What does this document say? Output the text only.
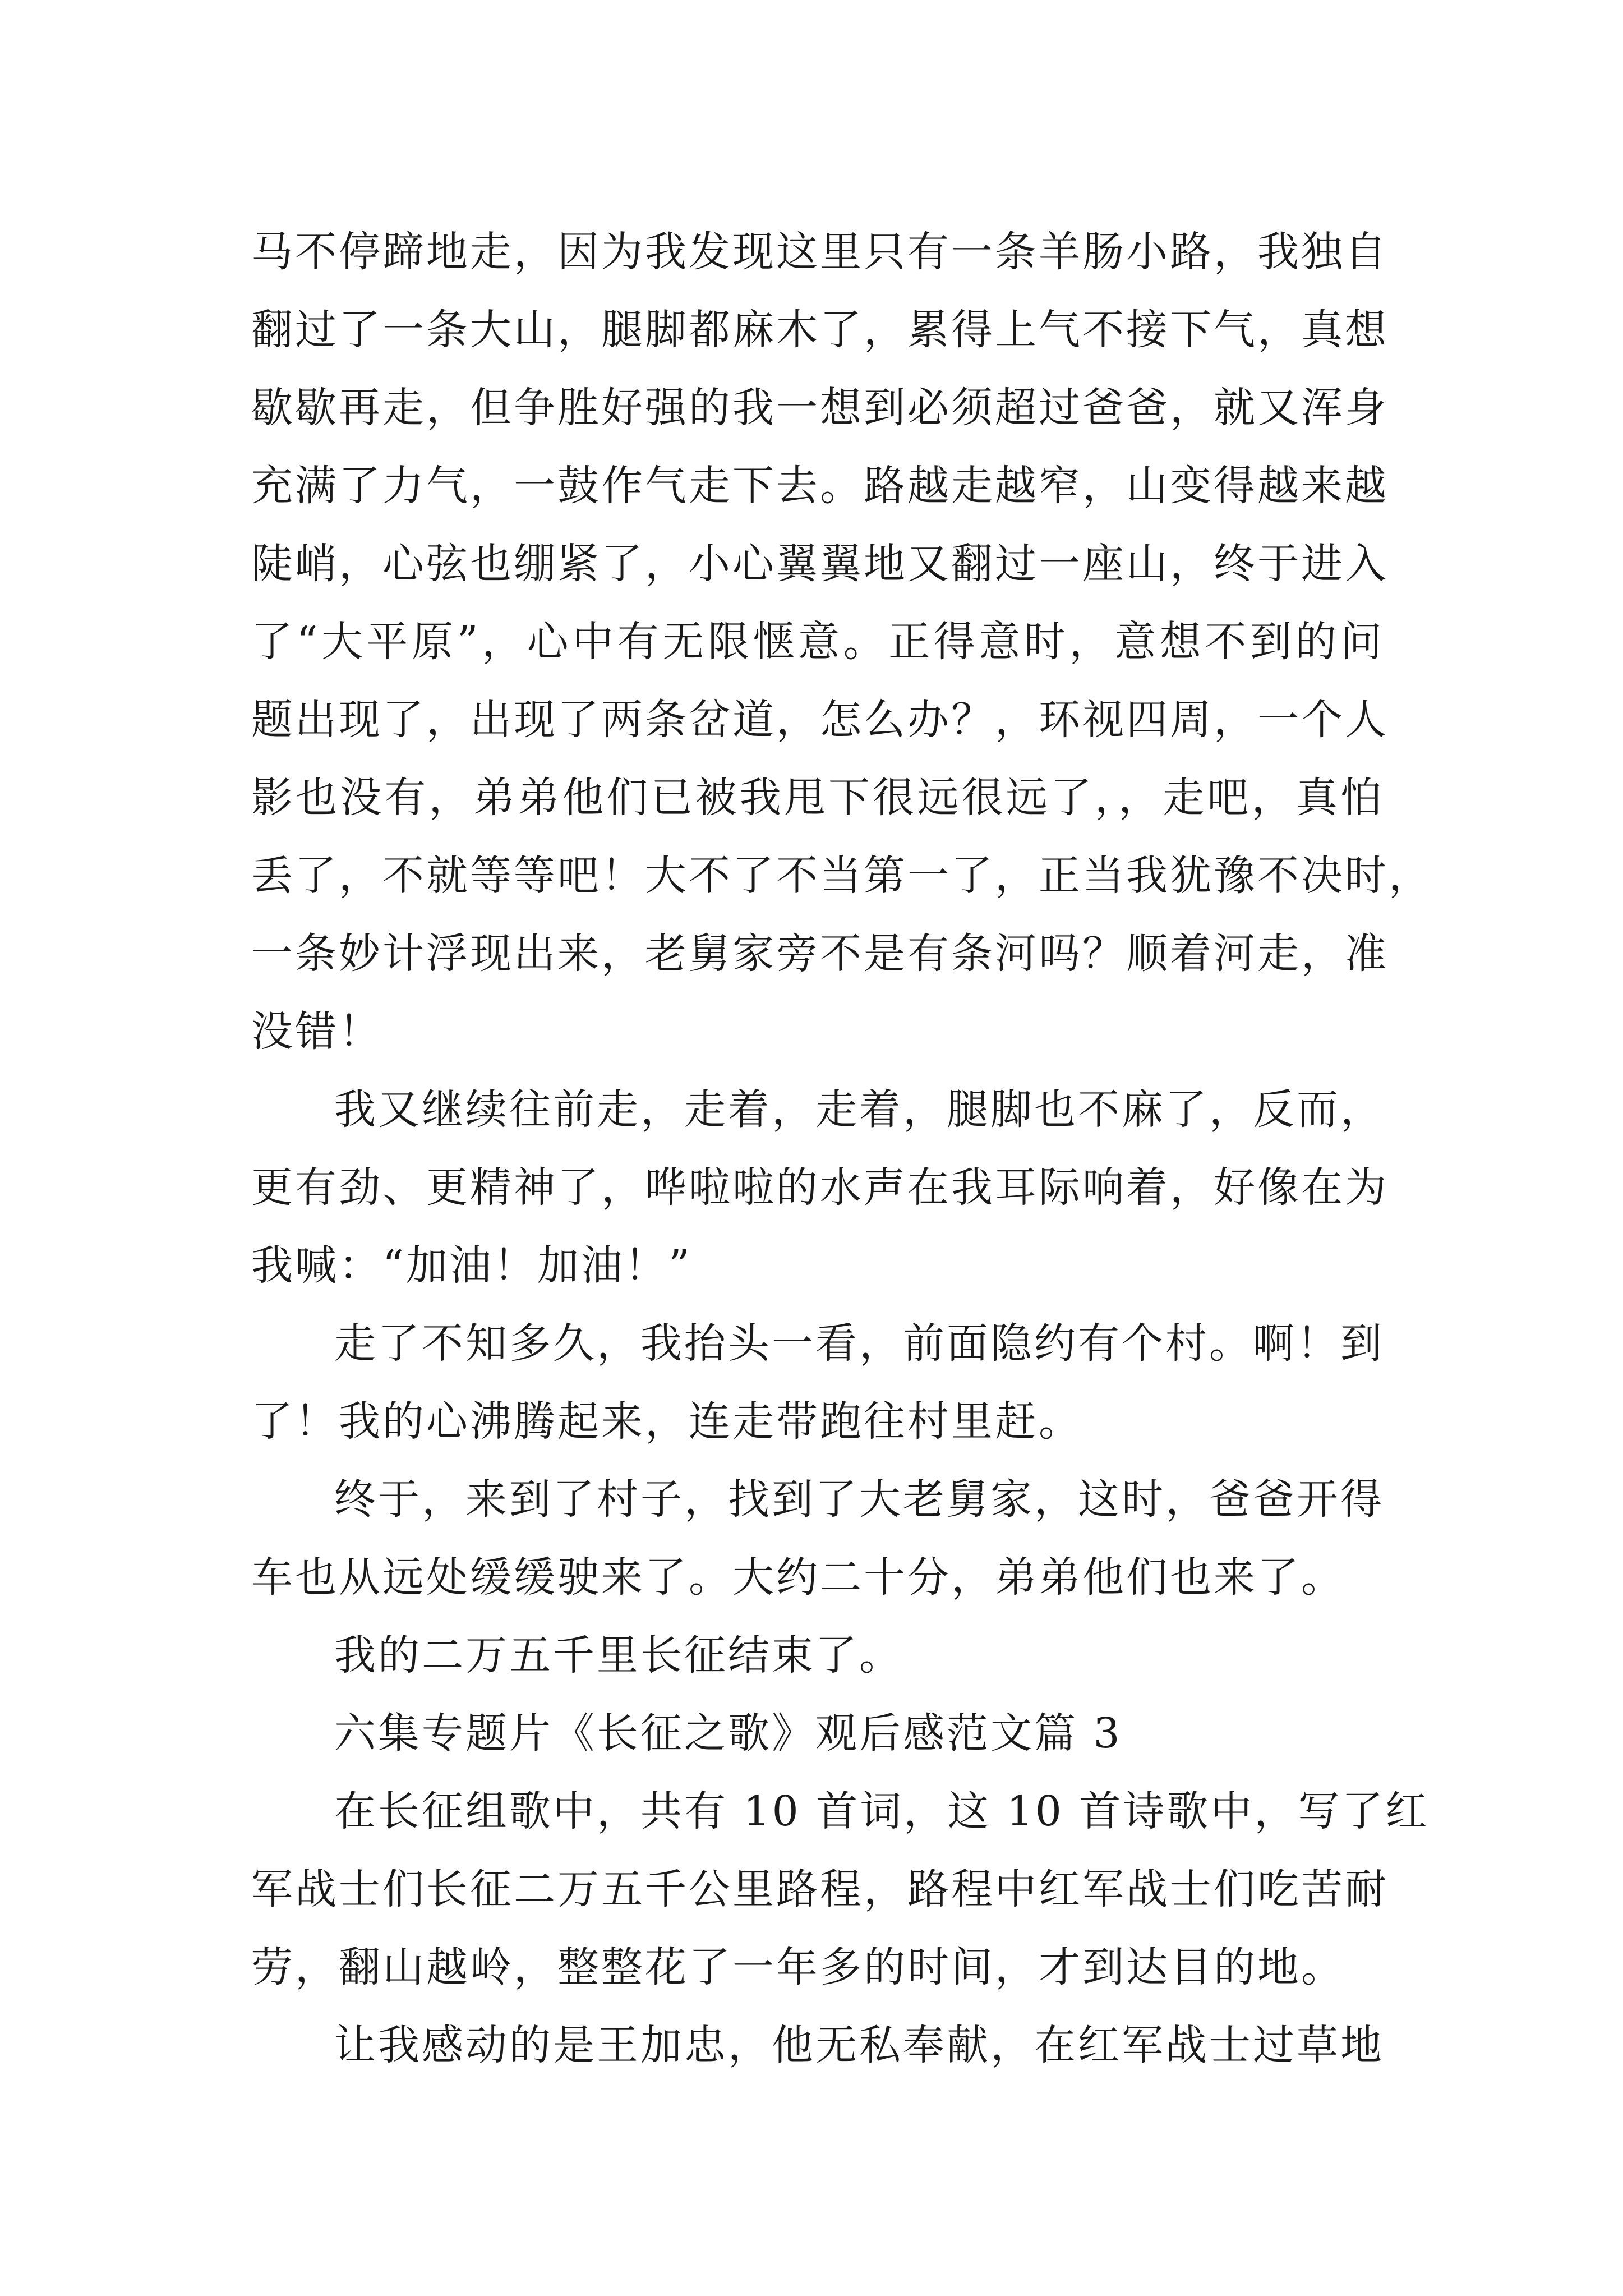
马不停蹄地走，因为我发现这里只有一条羊肠小路，我独自
翻过了一条大山，腿脚都麻木了，累得上气不接下气，真想
歇歇再走，但争胜好强的我一想到必须超过爸爸，就又浑身
充满了力气，一鼓作气走下去。路越走越窄，山变得越来越
陡峭，心弦也绷紧了，小心翼翼地又翻过一座山，终于进入
了“大平原”，心中有无限惬意。正得意时，意想不到的问
题出现了，出现了两条岔道，怎么办？，环视四周，一个人
影也没有，弟弟他们已被我甩下很远很远了，，走吧，真怕
丢了，不就等等吧！大不了不当第一了，正当我犹豫不决时，
一条妙计浮现出来，老舅家旁不是有条河吗？顺着河走，准
没错！
我又继续往前走，走着，走着，腿脚也不麻了，反而，
更有劲、更精神了，哗啦啦的水声在我耳际响着，好像在为
我喊：“加油！加油！”
走了不知多久，我抬头一看，前面隐约有个村。啊！到
了！我的心沸腾起来，连走带跑往村里赶。
终于，来到了村子，找到了大老舅家，这时，爸爸开得
车也从远处缓缓驶来了。大约二十分，弟弟他们也来了。
我的二万五千里长征结束了。
六集专题片《长征之歌》观后感范文篇 3
在长征组歌中，共有 10 首词，这 10 首诗歌中，写了红
军战士们长征二万五千公里路程，路程中红军战士们吃苦耐
劳，翻山越岭，整整花了一年多的时间，才到达目的地。
让我感动的是王加忠，他无私奉献，在红军战士过草地
